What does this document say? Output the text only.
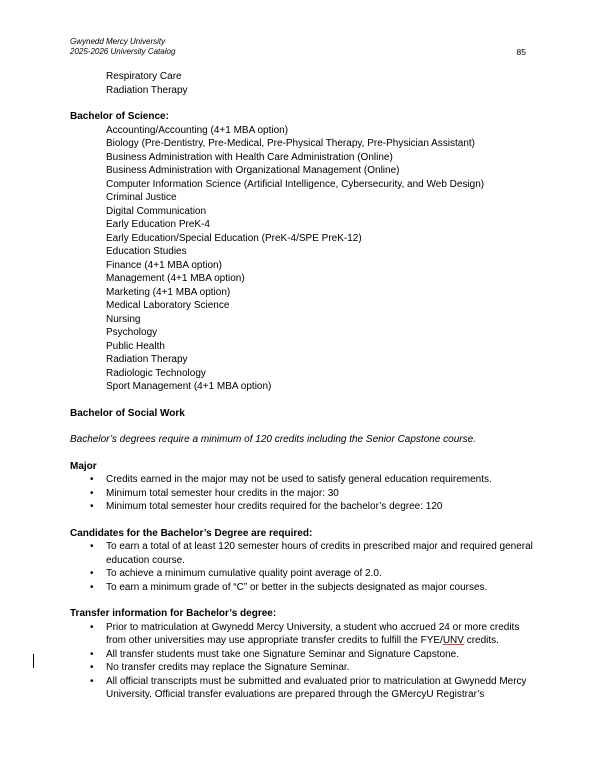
Gwynedd Mercy University
2025-2026 University Catalog	85
Respiratory Care
Radiation Therapy

Bachelor of Science:

Accounting/Accounting (4+1 MBA option)
Biology (Pre-Dentistry, Pre-Medical, Pre-Physical Therapy, Pre-Physician Assistant)
Business Administration with Health Care Administration (Online)
Business Administration with Organizational Management (Online)
Computer Information Science (Artificial Intelligence, Cybersecurity, and Web Design)
Criminal Justice
Digital Communication
Early Education PreK-4
Early Education/Special Education (PreK-4/SPE PreK-12)
Education Studies
Finance (4+1 MBA option)
Management (4+1 MBA option)
Marketing (4+1 MBA option)
Medical Laboratory Science
Nursing
Psychology
Public Health
Radiation Therapy
Radiologic Technology
Sport Management (4+1 MBA option)

Bachelor of Social Work

Bachelor’s degrees require a minimum of 120 credits including the Senior Capstone course.

Major

• Credits earned in the major may not be used to satisfy general education requirements.
• Minimum total semester hour credits in the major: 30
• Minimum total semester hour credits required for the bachelor’s degree: 120

Candidates for the Bachelor’s Degree are required:

• To earn a total of at least 120 semester hours of credits in prescribed major and required general education course.
• To achieve a minimum cumulative quality point average of 2.0.
• To earn a minimum grade of “C” or better in the subjects designated as major courses.

Transfer information for Bachelor’s degree:

• Prior to matriculation at Gwynedd Mercy University, a student who accrued 24 or more credits from other universities may use appropriate transfer credits to fulfill the FYE/UNV credits.
• All transfer students must take one Signature Seminar and Signature Capstone.
• No transfer credits may replace the Signature Seminar.
• All official transcripts must be submitted and evaluated prior to matriculation at Gwynedd Mercy University. Official transfer evaluations are prepared through the GMercyU Registrar’s
